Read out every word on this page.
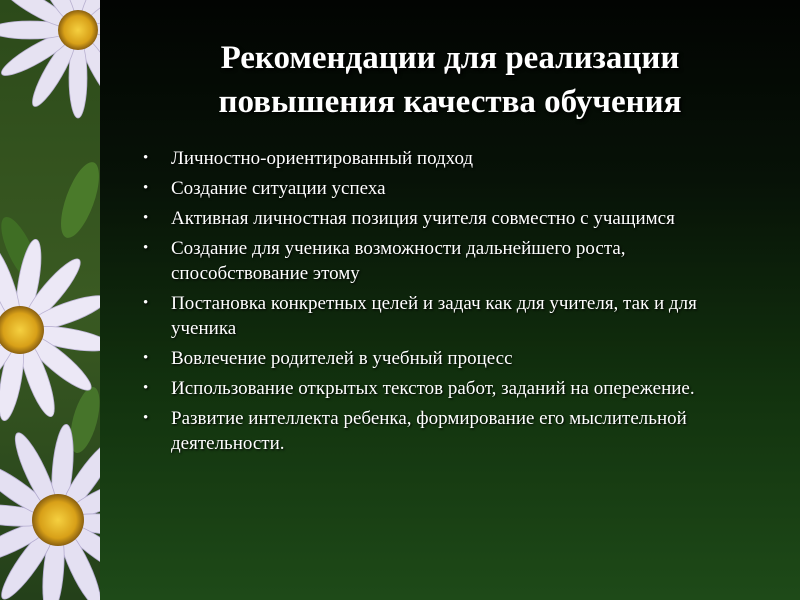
Рекомендации для реализации
повышения качества обучения
• Личностно-ориентированный подход
• Создание ситуации успеха
• Активная личностная позиция учителя совместно с учащимся
• Создание для ученика возможности дальнейшего роста, способствование этому
• Постановка конкретных целей и задач как для учителя, так и для ученика
• Вовлечение родителей в учебный процесс
• Использование открытых текстов работ, заданий на опережение.
• Развитие интеллекта ребенка, формирование его мыслительной деятельности.
